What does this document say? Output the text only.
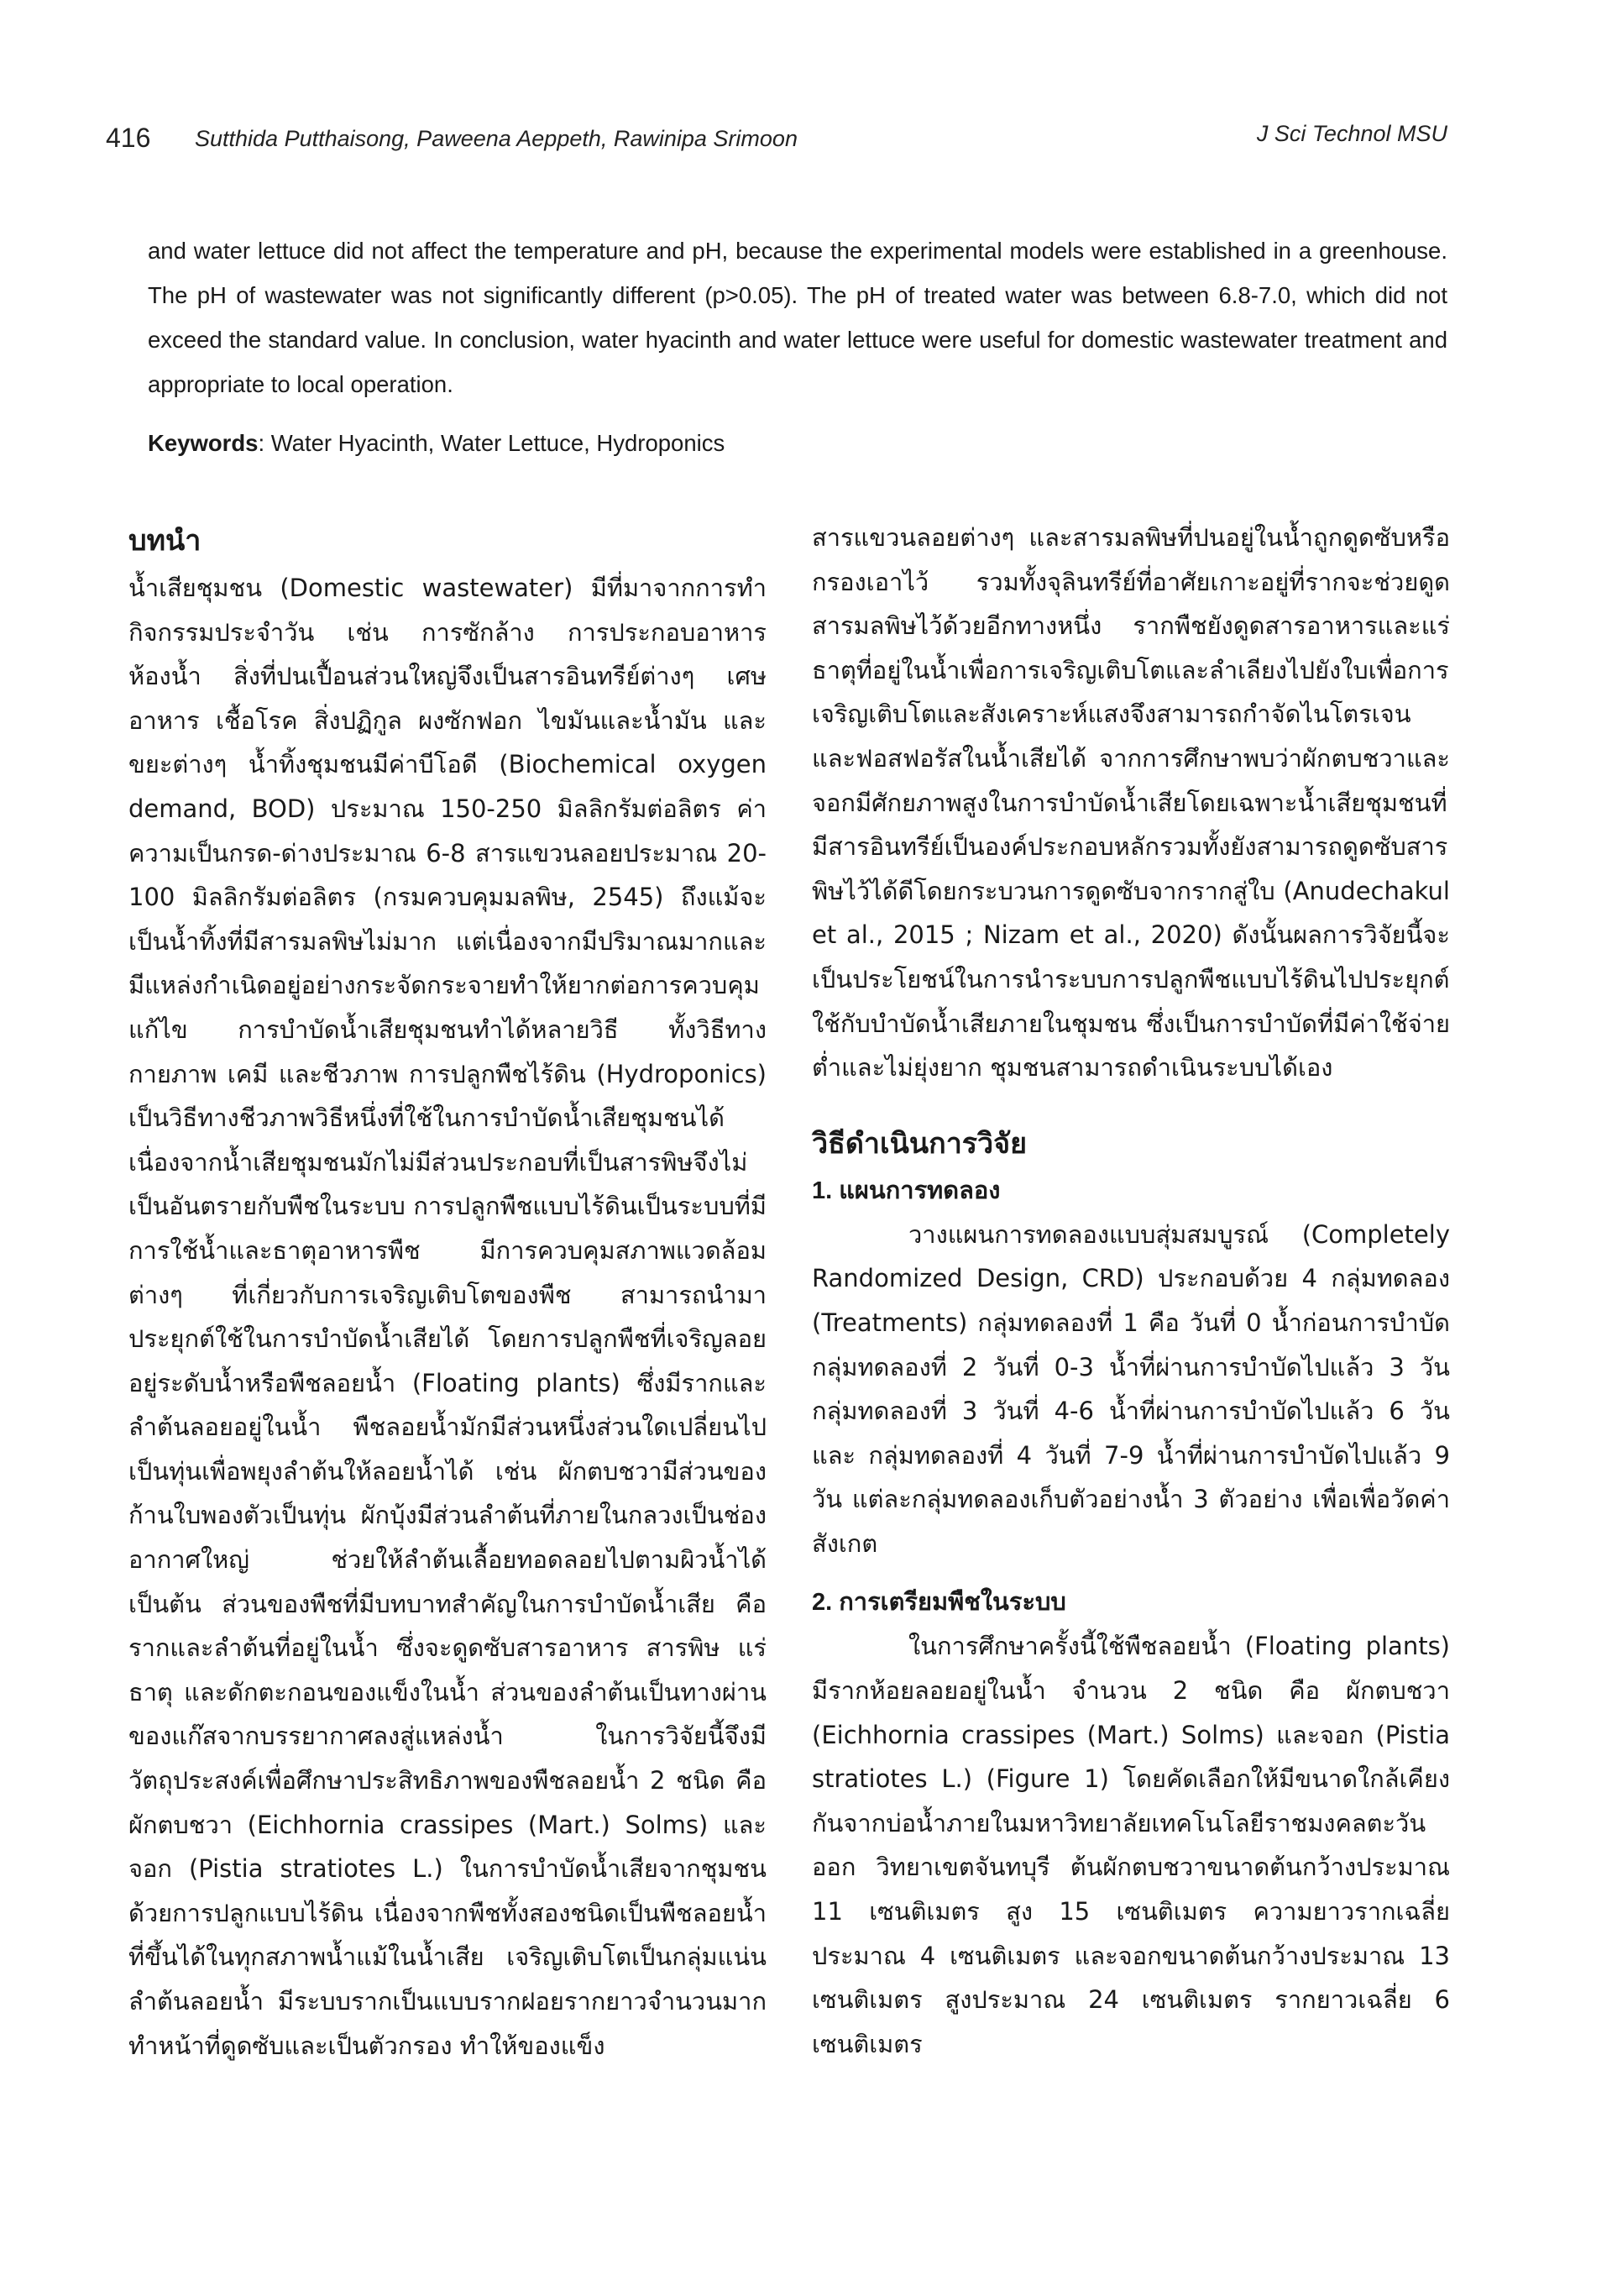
416 Sutthida Putthaisong, Paweena Aeppeth, Rawinipa Srimoon	J Sci Technol MSU

and water lettuce did not affect the temperature and pH, because the experimental models were established in a greenhouse. The pH of wastewater was not significantly different (p>0.05). The pH of treated water was between 6.8-7.0, which did not exceed the standard value. In conclusion, water hyacinth and water lettuce were useful for domestic wastewater treatment and appropriate to local operation.

Keywords: Water Hyacinth, Water Lettuce, Hydroponics

บทนำ

น้ำเสียชุมชน (Domestic wastewater) มีที่มาจากการทำกิจกรรมประจำวัน เช่น การซักล้าง การประกอบอาหาร ห้องน้ำ สิ่งที่ปนเปื้อนส่วนใหญ่จึงเป็นสารอินทรีย์ต่างๆ เศษอาหาร เชื้อโรค สิ่งปฏิกูล ผงซักฟอก ไขมันและน้ำมัน และขยะต่างๆ น้ำทิ้งชุมชนมีค่าบีโอดี (Biochemical oxygen demand, BOD) ประมาณ 150-250 มิลลิกรัมต่อลิตร ค่าความเป็นกรด-ด่างประมาณ 6-8 สารแขวนลอยประมาณ 20-100 มิลลิกรัมต่อลิตร (กรมควบคุมมลพิษ, 2545) ถึงแม้จะเป็นน้ำทิ้งที่มีสารมลพิษไม่มาก แต่เนื่องจากมีปริมาณมากและมีแหล่งกำเนิดอยู่อย่างกระจัดกระจายทำให้ยากต่อการควบคุมแก้ไข การบำบัดน้ำเสียชุมชนทำได้หลายวิธี ทั้งวิธีทางกายภาพ เคมี และชีวภาพ การปลูกพืชไร้ดิน (Hydroponics) เป็นวิธีทางชีวภาพวิธีหนึ่งที่ใช้ในการบำบัดน้ำเสียชุมชนได้ เนื่องจากน้ำเสียชุมชนมักไม่มีส่วนประกอบที่เป็นสารพิษจึงไม่เป็นอันตรายกับพืชในระบบ การปลูกพืชแบบไร้ดินเป็นระบบที่มีการใช้น้ำและธาตุอาหารพืช มีการควบคุมสภาพแวดล้อมต่างๆ ที่เกี่ยวกับการเจริญเติบโตของพืช สามารถนำมาประยุกต์ใช้ในการบำบัดน้ำเสียได้ โดยการปลูกพืชที่เจริญลอยอยู่ระดับน้ำหรือพืชลอยน้ำ (Floating plants) ซึ่งมีรากและลำต้นลอยอยู่ในน้ำ พืชลอยน้ำมักมีส่วนหนึ่งส่วนใดเปลี่ยนไปเป็นทุ่นเพื่อพยุงลำต้นให้ลอยน้ำได้ เช่น ผักตบชวามีส่วนของก้านใบพองตัวเป็นทุ่น ผักบุ้งมีส่วนลำต้นที่ภายในกลวงเป็นช่องอากาศใหญ่ ช่วยให้ลำต้นเลื้อยทอดลอยไปตามผิวน้ำได้ เป็นต้น ส่วนของพืชที่มีบทบาทสำคัญในการบำบัดน้ำเสีย คือ รากและลำต้นที่อยู่ในน้ำ ซึ่งจะดูดซับสารอาหาร สารพิษ แร่ธาตุ และดักตะกอนของแข็งในน้ำ ส่วนของลำต้นเป็นทางผ่านของแก๊สจากบรรยากาศลงสู่แหล่งน้ำ ในการวิจัยนี้จึงมีวัตถุประสงค์เพื่อศึกษาประสิทธิภาพของพืชลอยน้ำ 2 ชนิด คือ ผักตบชวา (Eichhornia crassipes (Mart.) Solms) และจอก (Pistia stratiotes L.) ในการบำบัดน้ำเสียจากชุมชนด้วยการปลูกแบบไร้ดิน เนื่องจากพืชทั้งสองชนิดเป็นพืชลอยน้ำที่ขึ้นได้ในทุกสภาพน้ำแม้ในน้ำเสีย เจริญเติบโตเป็นกลุ่มแน่นลำต้นลอยน้ำ มีระบบรากเป็นแบบรากฝอยรากยาวจำนวนมากทำหน้าที่ดูดซับและเป็นตัวกรอง ทำให้ของแข็ง

สารแขวนลอยต่างๆ และสารมลพิษที่ปนอยู่ในน้ำถูกดูดซับหรือกรองเอาไว้ รวมทั้งจุลินทรีย์ที่อาศัยเกาะอยู่ที่รากจะช่วยดูดสารมลพิษไว้ด้วยอีกทางหนึ่ง รากพืชยังดูดสารอาหารและแร่ธาตุที่อยู่ในน้ำเพื่อการเจริญเติบโตและลำเลียงไปยังใบเพื่อการเจริญเติบโตและสังเคราะห์แสงจึงสามารถกำจัดไนโตรเจนและฟอสฟอรัสในน้ำเสียได้ จากการศึกษาพบว่าผักตบชวาและจอกมีศักยภาพสูงในการบำบัดน้ำเสียโดยเฉพาะน้ำเสียชุมชนที่มีสารอินทรีย์เป็นองค์ประกอบหลักรวมทั้งยังสามารถดูดซับสารพิษไว้ได้ดีโดยกระบวนการดูดซับจากรากสู่ใบ (Anudechakul et al., 2015 ; Nizam et al., 2020) ดังนั้นผลการวิจัยนี้จะเป็นประโยชน์ในการนำระบบการปลูกพืชแบบไร้ดินไปประยุกต์ใช้กับบำบัดน้ำเสียภายในชุมชน ซึ่งเป็นการบำบัดที่มีค่าใช้จ่ายต่ำและไม่ยุ่งยาก ชุมชนสามารถดำเนินระบบได้เอง
วิธีดำเนินการวิจัย
1. แผนการทดลอง

วางแผนการทดลองแบบสุ่มสมบูรณ์ (Completely Randomized Design, CRD) ประกอบด้วย 4 กลุ่มทดลอง (Treatments) กลุ่มทดลองที่ 1 คือ วันที่ 0 น้ำก่อนการบำบัด กลุ่มทดลองที่ 2 วันที่ 0-3 น้ำที่ผ่านการบำบัดไปแล้ว 3 วัน กลุ่มทดลองที่ 3 วันที่ 4-6 น้ำที่ผ่านการบำบัดไปแล้ว 6 วัน และ กลุ่มทดลองที่ 4 วันที่ 7-9 น้ำที่ผ่านการบำบัดไปแล้ว 9 วัน แต่ละกลุ่มทดลองเก็บตัวอย่างน้ำ 3 ตัวอย่าง เพื่อเพื่อวัดค่าสังเกต

2. การเตรียมพืชในระบบ

ในการศึกษาครั้งนี้ใช้พืชลอยน้ำ (Floating plants) มีรากห้อยลอยอยู่ในน้ำ จำนวน 2 ชนิด คือ ผักตบชวา (Eichhornia crassipes (Mart.) Solms) และจอก (Pistia stratiotes L.) (Figure 1) โดยคัดเลือกให้มีขนาดใกล้เคียงกันจากบ่อน้ำภายในมหาวิทยาลัยเทคโนโลยีราชมงคลตะวันออก วิทยาเขตจันทบุรี ต้นผักตบชวาขนาดต้นกว้างประมาณ 11 เซนติเมตร สูง 15 เซนติเมตร ความยาวรากเฉลี่ยประมาณ 4 เซนติเมตร และจอกขนาดต้นกว้างประมาณ 13 เซนติเมตร สูงประมาณ 24 เซนติเมตร รากยาวเฉลี่ย 6 เซนติเมตร
